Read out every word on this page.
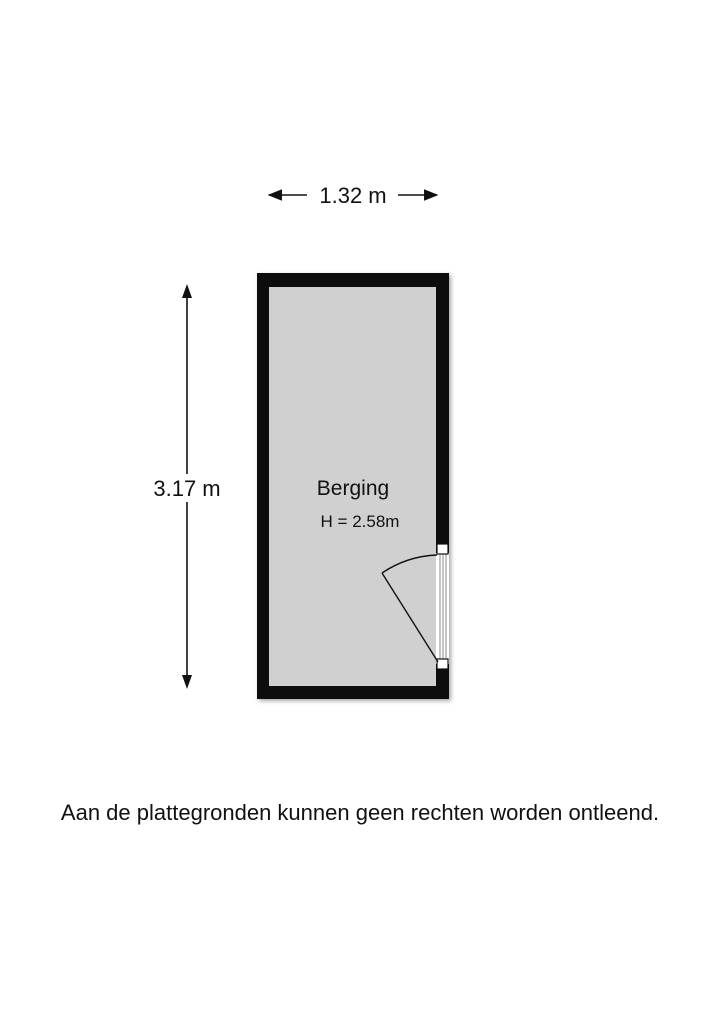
1.32 m
3.17 m	Berging
H = 2.58m
Aan de plattegronden kunnen geen rechten worden ontleend.
